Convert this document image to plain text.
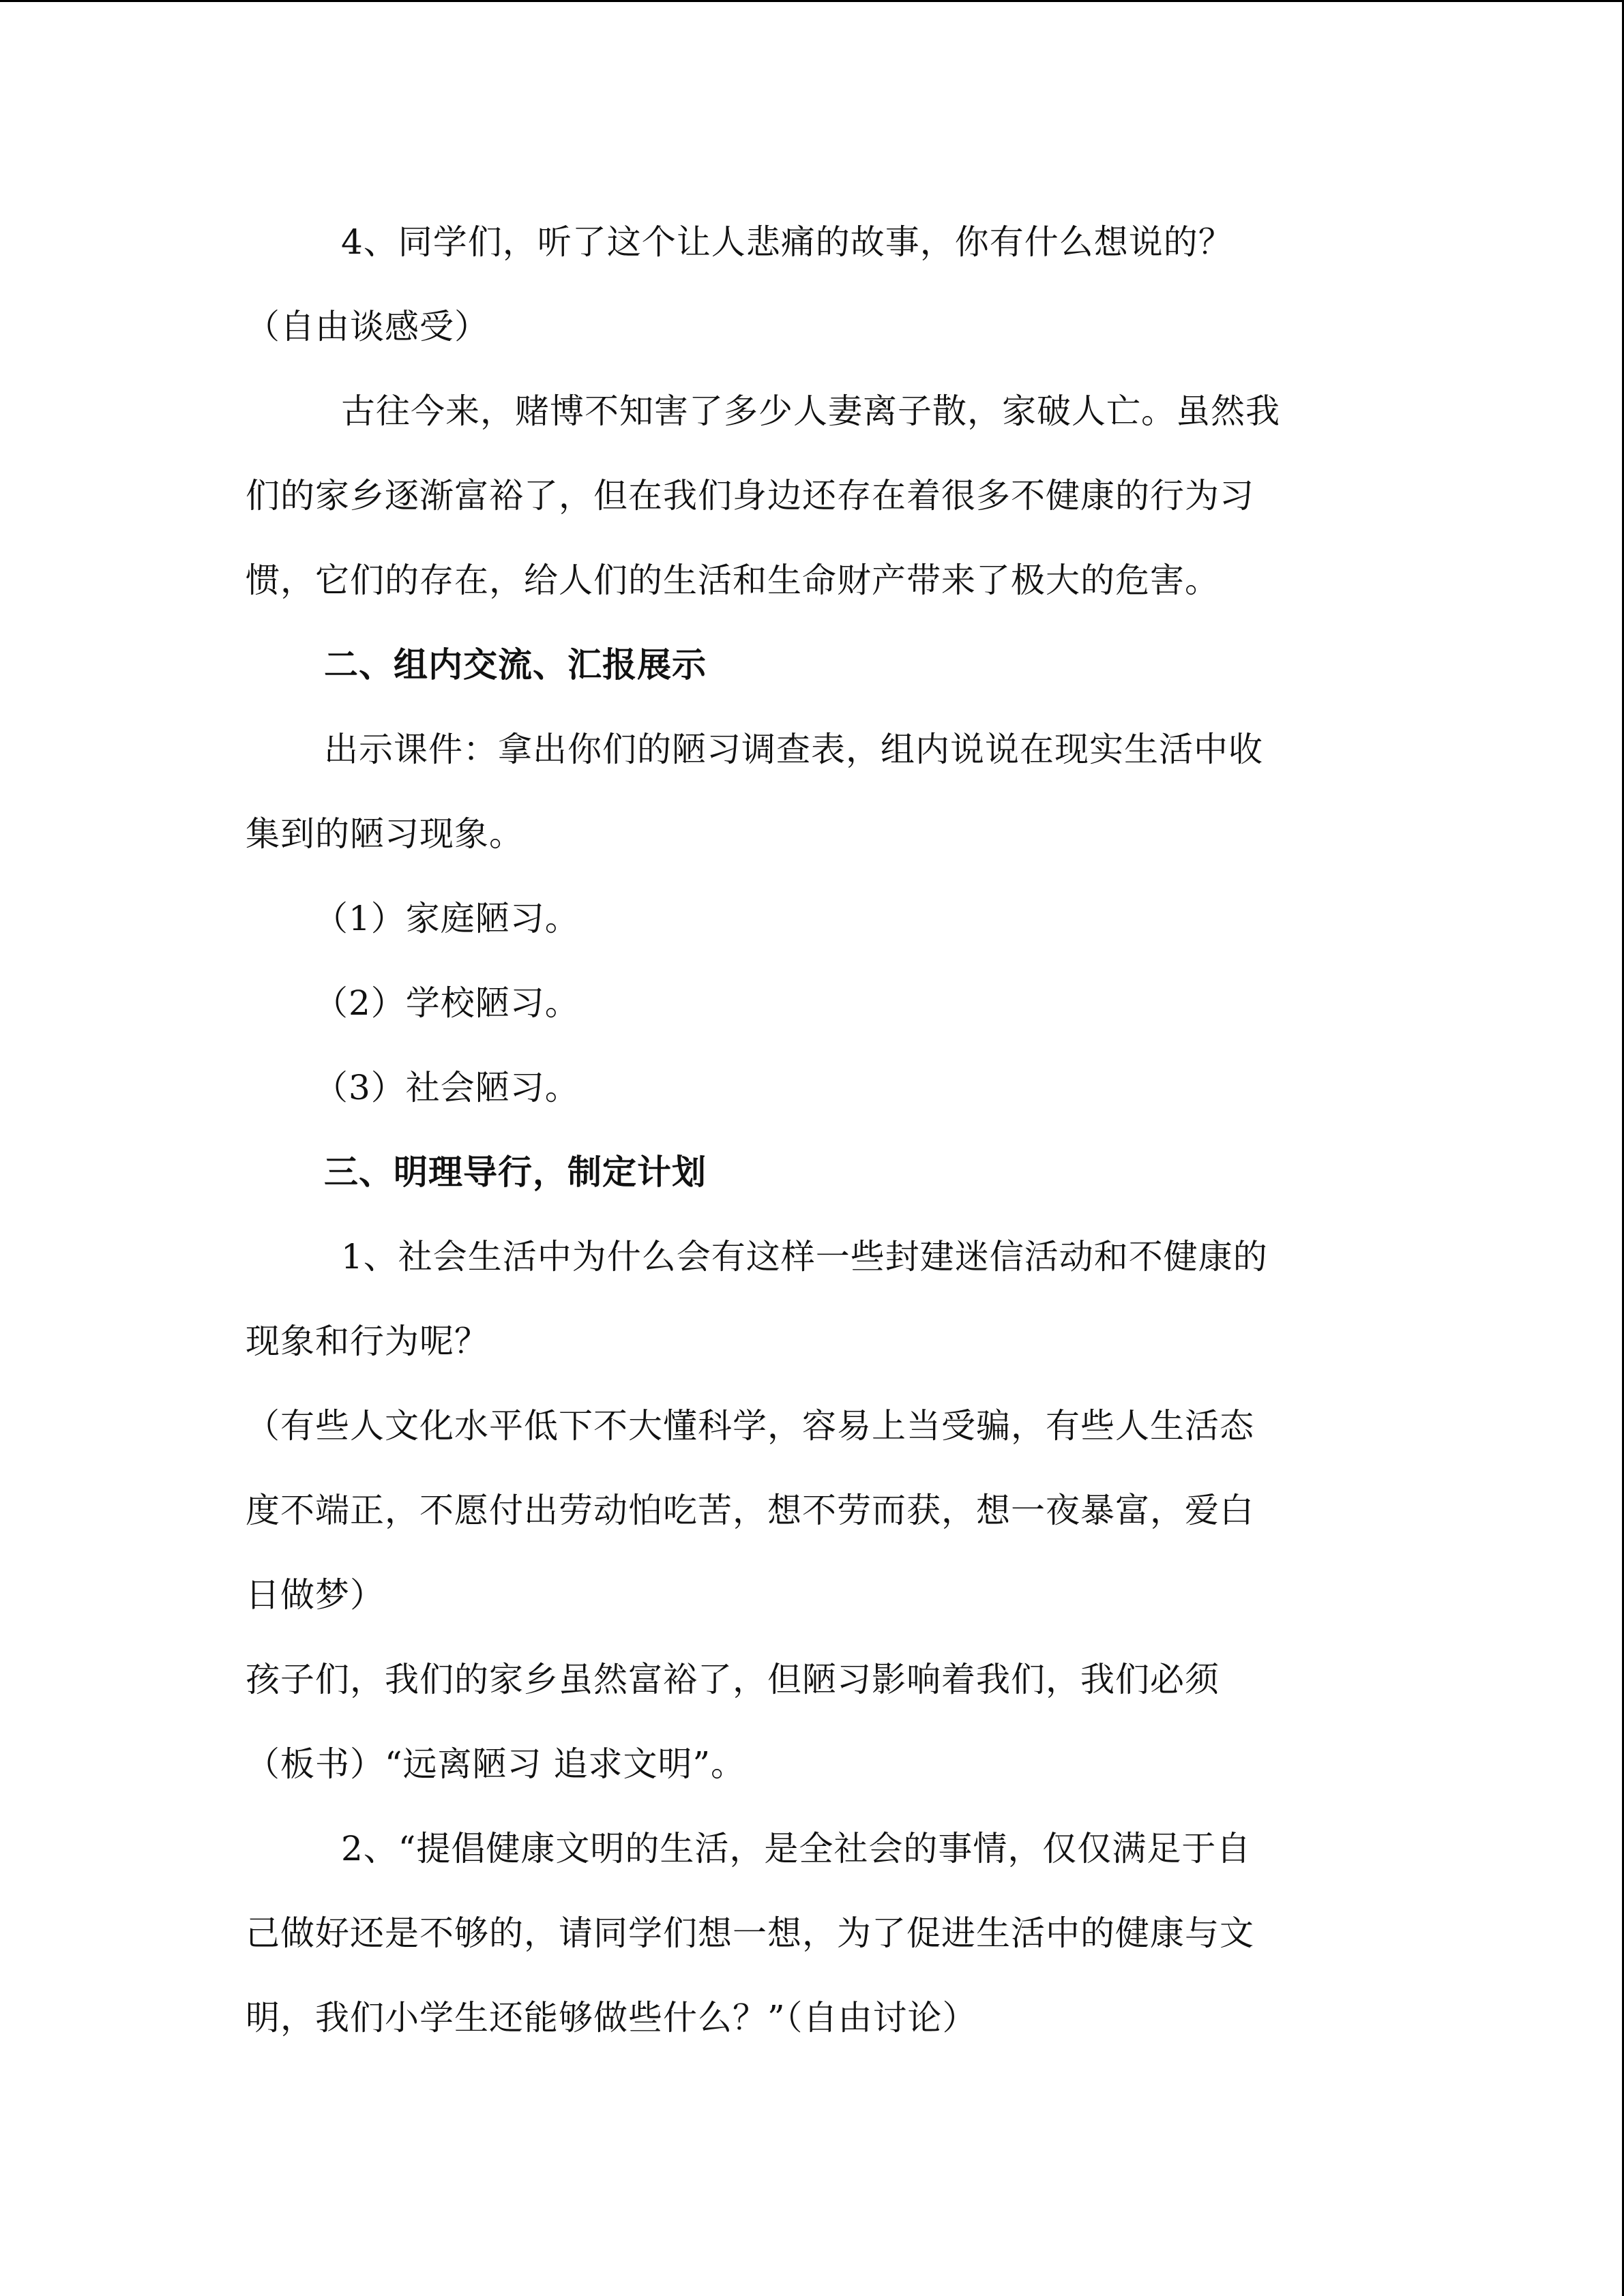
4、同学们，听了这个让人悲痛的故事，你有什么想说的？
（自由谈感受）
古往今来，赌博不知害了多少人妻离子散，家破人亡。虽然我
们的家乡逐渐富裕了，但在我们身边还存在着很多不健康的行为习
惯，它们的存在，给人们的生活和生命财产带来了极大的危害。
二、组内交流、汇报展示
出示课件：拿出你们的陋习调查表，组内说说在现实生活中收
集到的陋习现象。
（1）家庭陋习。
（2）学校陋习。
（3）社会陋习。
三、明理导行，制定计划
1、社会生活中为什么会有这样一些封建迷信活动和不健康的
现象和行为呢？
（有些人文化水平低下不大懂科学，容易上当受骗，有些人生活态
度不端正，不愿付出劳动怕吃苦，想不劳而获，想一夜暴富，爱白
日做梦）
孩子们，我们的家乡虽然富裕了，但陋习影响着我们，我们必须
（板书）“远离陋习 追求文明”。
2、“提倡健康文明的生活，是全社会的事情，仅仅满足于自
己做好还是不够的，请同学们想一想，为了促进生活中的健康与文
明，我们小学生还能够做些什么？”（自由讨论）
